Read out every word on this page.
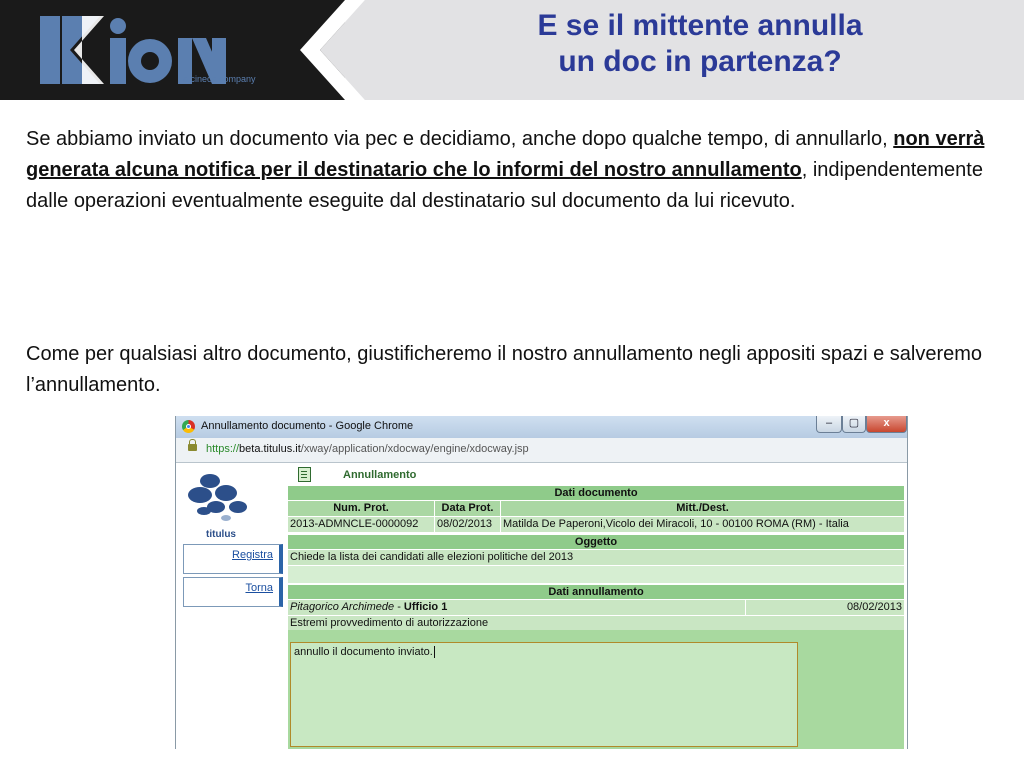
a cineca company
E se il mittente annulla
un doc in partenza?
Se abbiamo inviato un documento via pec e decidiamo, anche dopo qualche tempo, di annullarlo, non verrà generata alcuna notifica per il destinatario che lo informi del nostro annullamento, indipendentemente dalle operazioni eventualmente eseguite dal destinatario sul documento da lui ricevuto.
Come per qualsiasi altro documento, giustificheremo il nostro annullamento negli appositi spazi e salveremo l’annullamento.
Annullamento documento - Google Chrome	–	▢	x
https://beta.titulus.it/xway/application/xdocway/engine/xdocway.jsp
titulus
Registra
Torna
Annullamento
Dati documento
Num. Prot.	Data Prot.	Mitt./Dest.
2013-ADMNCLE-0000092	08/02/2013 Matilda De Paperoni,Vicolo dei Miracoli, 10 - 00100 ROMA (RM) - Italia
Oggetto
Chiede la lista dei candidati alle elezioni politiche del 2013
Dati annullamento
Pitagorico Archimede - Ufficio 1	08/02/2013
Estremi provvedimento di autorizzazione
annullo il documento inviato.
